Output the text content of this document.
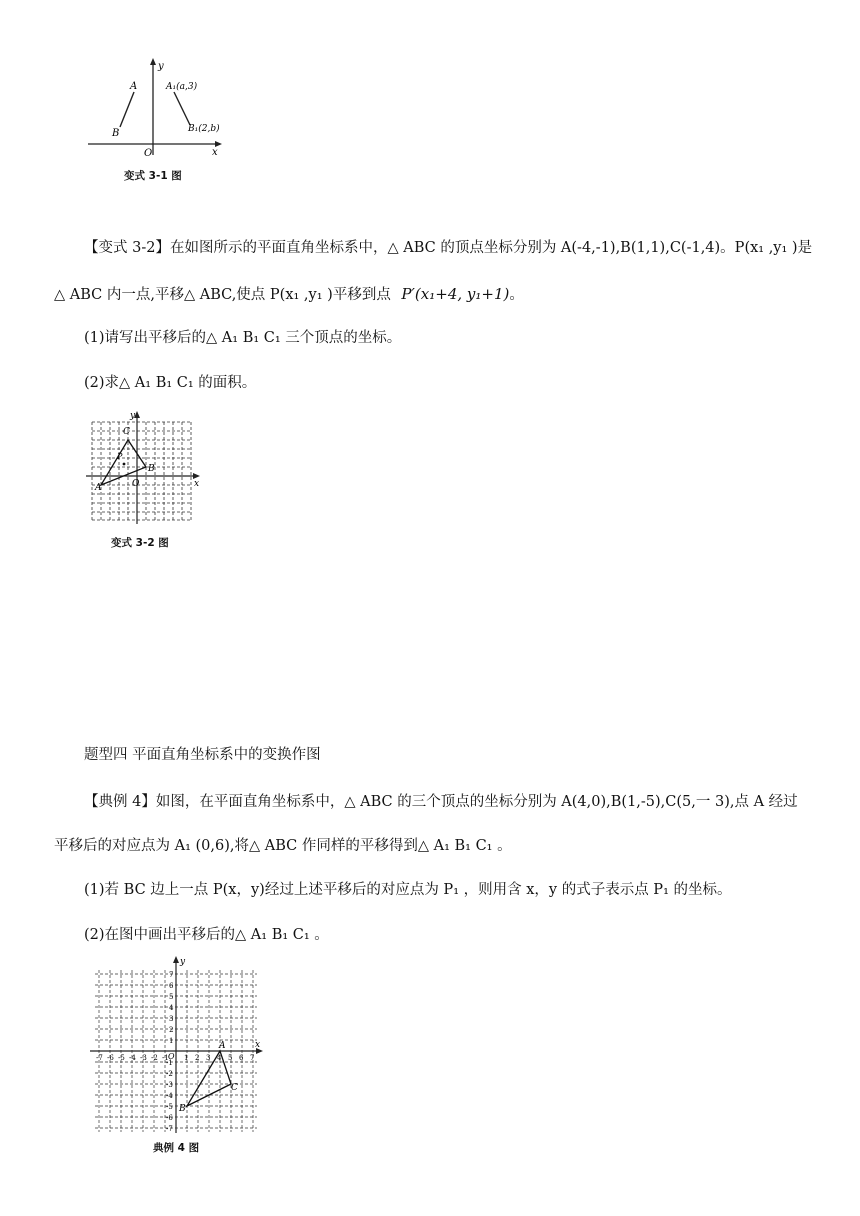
y
x
O
A
B
A₁(a,3)
B₁(2,b)
变式 3-1 图
【变式 3-2】在如图所示的平面直角坐标系中，△ ABC 的顶点坐标分别为 A(-4,-1),B(1,1),C(-1,4)。P(x₁ ,y₁ )是
△ ABC 内一点,平移△ ABC,使点 P(x₁ ,y₁ )平移到点 P′(x₁+4, y₁+1)。
(1)请写出平移后的△ A₁ B₁ C₁ 三个顶点的坐标。
(2)求△ A₁ B₁ C₁ 的面积。
y
x
O
A
B
C
P
变式 3-2 图
题型四 平面直角坐标系中的变换作图
【典例 4】如图，在平面直角坐标系中，△ ABC 的三个顶点的坐标分别为 A(4,0),B(1,-5),C(5,一 3),点 A 经过
平移后的对应点为 A₁ (0,6),将△ ABC 作同样的平移得到△ A₁ B₁ C₁ 。
(1)若 BC 边上一点 P(x，y)经过上述平移后的对应点为 P₁ ，则用含 x，y 的式子表示点 P₁ 的坐标。
(2)在图中画出平移后的△ A₁ B₁ C₁ 。
-7 -6 -5 -4 -3 -2 -1 1 2 3 4 5 6 7
7
6
5
4
3
2
1
-1
-2
-3
-4
-5
-6
-7
y
x
O
A
B
C
典例 4 图
